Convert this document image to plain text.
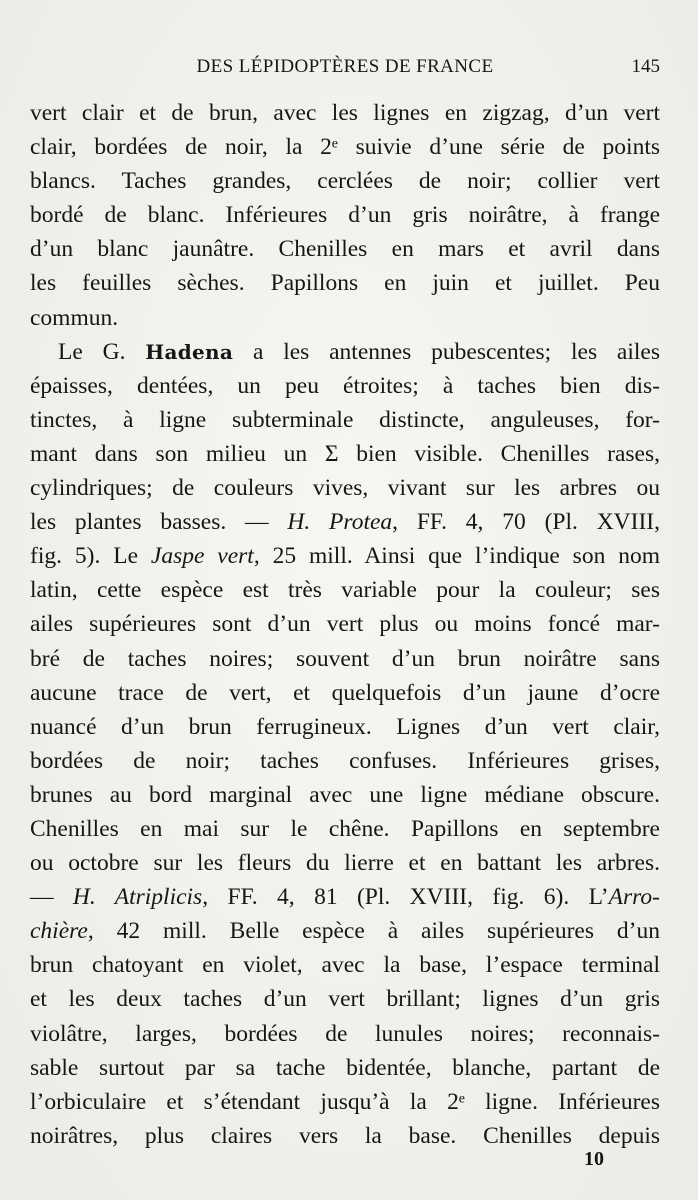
DES LÉPIDOPTÈRES DE FRANCE	145
vert clair et de brun, avec les lignes en zigzag, d’un vert
clair, bordées de noir, la 2ᵉ suivie d’une série de points
blancs. Taches grandes, cerclées de noir; collier vert
bordé de blanc. Inférieures d’un gris noirâtre, à frange
d’un blanc jaunâtre. Chenilles en mars et avril dans
les feuilles sèches. Papillons en juin et juillet. Peu
commun.
Le G. Hadena a les antennes pubescentes; les ailes
épaisses, dentées, un peu étroites; à taches bien dis-
tinctes, à ligne subterminale distincte, anguleuses, for-
mant dans son milieu un Σ bien visible. Chenilles rases,
cylindriques; de couleurs vives, vivant sur les arbres ou
les plantes basses. — H. Protea, FF. 4, 70 (Pl. XVIII,
fig. 5). Le Jaspe vert, 25 mill. Ainsi que l’indique son nom
latin, cette espèce est très variable pour la couleur; ses
ailes supérieures sont d’un vert plus ou moins foncé mar-
bré de taches noires; souvent d’un brun noirâtre sans
aucune trace de vert, et quelquefois d’un jaune d’ocre
nuancé d’un brun ferrugineux. Lignes d’un vert clair,
bordées de noir; taches confuses. Inférieures grises,
brunes au bord marginal avec une ligne médiane obscure.
Chenilles en mai sur le chêne. Papillons en septembre
ou octobre sur les fleurs du lierre et en battant les arbres.
— H. Atriplicis, FF. 4, 81 (Pl. XVIII, fig. 6). L’Arro-
chière, 42 mill. Belle espèce à ailes supérieures d’un
brun chatoyant en violet, avec la base, l’espace terminal
et les deux taches d’un vert brillant; lignes d’un gris
violâtre, larges, bordées de lunules noires; reconnais-
sable surtout par sa tache bidentée, blanche, partant de
l’orbiculaire et s’étendant jusqu’à la 2ᵉ ligne. Inférieures
noirâtres, plus claires vers la base. Chenilles depuis
10
